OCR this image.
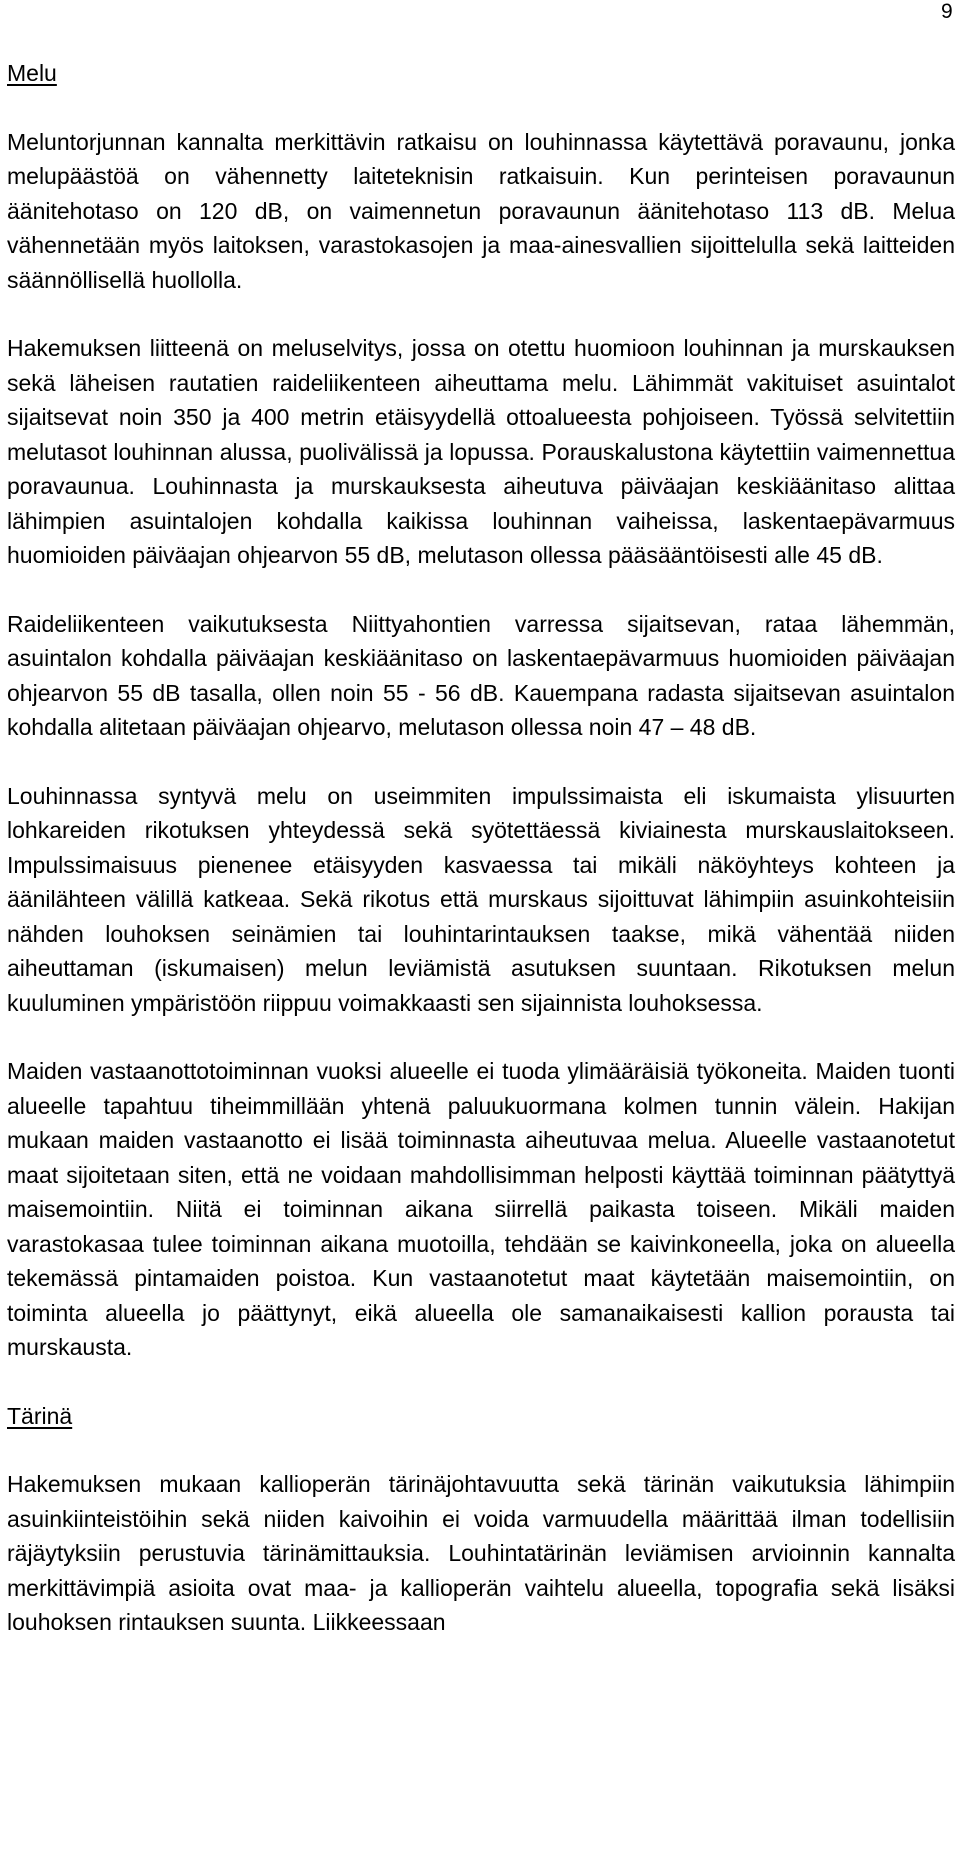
9
Melu

Meluntorjunnan kannalta merkittävin ratkaisu on louhinnassa käytettävä poravaunu, jonka melupäästöä on vähennetty laiteteknisin ratkaisuin. Kun perinteisen poravaunun äänitehotaso on 120 dB, on vaimennetun poravaunun äänitehotaso 113 dB. Melua vähennetään myös laitoksen, varastokasojen ja maa-ainesvallien sijoittelulla sekä laitteiden säännöllisellä huollolla.

Hakemuksen liitteenä on meluselvitys, jossa on otettu huomioon louhinnan ja murskauksen sekä läheisen rautatien raideliikenteen aiheuttama melu. Lähimmät vakituiset asuintalot sijaitsevat noin 350 ja 400 metrin etäisyydellä ottoalueesta pohjoiseen. Työssä selvitettiin melutasot louhinnan alussa, puolivälissä ja lopussa. Porauskalustona käytettiin vaimennettua poravaunua. Louhinnasta ja murskauksesta aiheutuva päiväajan keskiäänitaso alittaa lähimpien asuintalojen kohdalla kaikissa louhinnan vaiheissa, laskentaepävarmuus huomioiden päiväajan ohjearvon 55 dB, melutason ollessa pääsääntöisesti alle 45 dB.

Raideliikenteen vaikutuksesta Niittyahontien varressa sijaitsevan, rataa lähemmän, asuintalon kohdalla päiväajan keskiäänitaso on laskentaepävarmuus huomioiden päiväajan ohjearvon 55 dB tasalla, ollen noin 55 - 56 dB. Kauempana radasta sijaitsevan asuintalon kohdalla alitetaan päiväajan ohjearvo, melutason ollessa noin 47 – 48 dB.

Louhinnassa syntyvä melu on useimmiten impulssimaista eli iskumaista ylisuurten lohkareiden rikotuksen yhteydessä sekä syötettäessä kiviainesta murskauslaitokseen. Impulssimaisuus pienenee etäisyyden kasvaessa tai mikäli näköyhteys kohteen ja äänilähteen välillä katkeaa. Sekä rikotus että murskaus sijoittuvat lähimpiin asuinkohteisiin nähden louhoksen seinämien tai louhintarintauksen taakse, mikä vähentää niiden aiheuttaman (iskumaisen) melun leviämistä asutuksen suuntaan. Rikotuksen melun kuuluminen ympäristöön riippuu voimakkaasti sen sijainnista louhoksessa.

Maiden vastaanottotoiminnan vuoksi alueelle ei tuoda ylimääräisiä työkoneita. Maiden tuonti alueelle tapahtuu tiheimmillään yhtenä paluukuormana kolmen tunnin välein. Hakijan mukaan maiden vastaanotto ei lisää toiminnasta aiheutuvaa melua. Alueelle vastaanotetut maat sijoitetaan siten, että ne voidaan mahdollisimman helposti käyttää toiminnan päätyttyä maisemointiin. Niitä ei toiminnan aikana siirrellä paikasta toiseen. Mikäli maiden varastokasaa tulee toiminnan aikana muotoilla, tehdään se kaivinkoneella, joka on alueella tekemässä pintamaiden poistoa. Kun vastaanotetut maat käytetään maisemointiin, on toiminta alueella jo päättynyt, eikä alueella ole samanaikaisesti kallion porausta tai murskausta.

Tärinä

Hakemuksen mukaan kallioperän tärinäjohtavuutta sekä tärinän vaikutuksia lähimpiin asuinkiinteistöihin sekä niiden kaivoihin ei voida varmuudella määrittää ilman todellisiin räjäytyksiin perustuvia tärinämittauksia. Louhintatärinän leviämisen arvioinnin kannalta merkittävimpiä asioita ovat maa- ja kallioperän vaihtelu alueella, topografia sekä lisäksi louhoksen rintauksen suunta. Liikkeessaan
